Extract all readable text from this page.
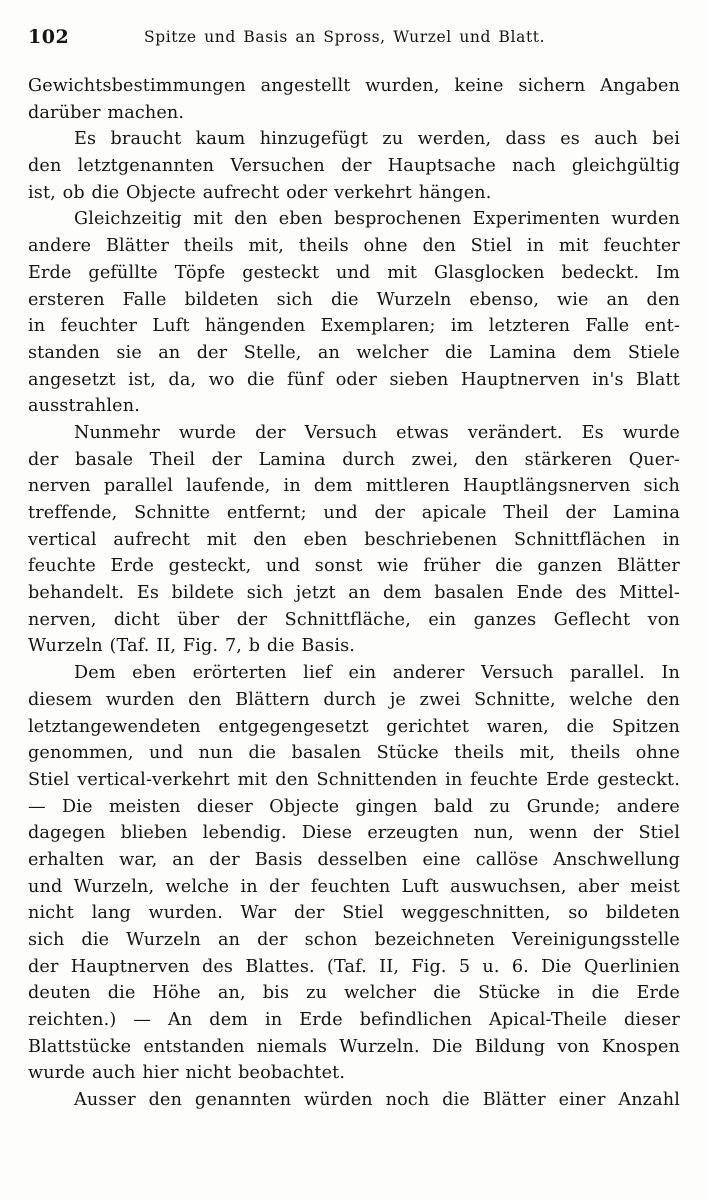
102	Spitze und Basis an Spross, Wurzel und Blatt.
Gewichtsbestimmungen angestellt wurden, keine sichern Angaben
darüber machen.
Es braucht kaum hinzugefügt zu werden, dass es auch bei
den letztgenannten Versuchen der Hauptsache nach gleichgültig
ist, ob die Objecte aufrecht oder verkehrt hängen.
Gleichzeitig mit den eben besprochenen Experimenten wurden
andere Blätter theils mit, theils ohne den Stiel in mit feuchter
Erde gefüllte Töpfe gesteckt und mit Glasglocken bedeckt. Im
ersteren Falle bildeten sich die Wurzeln ebenso, wie an den
in feuchter Luft hängenden Exemplaren; im letzteren Falle ent-
standen sie an der Stelle, an welcher die Lamina dem Stiele
angesetzt ist, da, wo die fünf oder sieben Hauptnerven in's Blatt
ausstrahlen.
Nunmehr wurde der Versuch etwas verändert. Es wurde
der basale Theil der Lamina durch zwei, den stärkeren Quer-
nerven parallel laufende, in dem mittleren Hauptlängsnerven sich
treffende, Schnitte entfernt; und der apicale Theil der Lamina
vertical aufrecht mit den eben beschriebenen Schnittflächen in
feuchte Erde gesteckt, und sonst wie früher die ganzen Blätter
behandelt. Es bildete sich jetzt an dem basalen Ende des Mittel-
nerven, dicht über der Schnittfläche, ein ganzes Geflecht von
Wurzeln (Taf. II, Fig. 7, b die Basis.
Dem eben erörterten lief ein anderer Versuch parallel. In
diesem wurden den Blättern durch je zwei Schnitte, welche den
letztangewendeten entgegengesetzt gerichtet waren, die Spitzen
genommen, und nun die basalen Stücke theils mit, theils ohne
Stiel vertical-verkehrt mit den Schnittenden in feuchte Erde gesteckt.
— Die meisten dieser Objecte gingen bald zu Grunde; andere
dagegen blieben lebendig. Diese erzeugten nun, wenn der Stiel
erhalten war, an der Basis desselben eine callöse Anschwellung
und Wurzeln, welche in der feuchten Luft auswuchsen, aber meist
nicht lang wurden. War der Stiel weggeschnitten, so bildeten
sich die Wurzeln an der schon bezeichneten Vereinigungsstelle
der Hauptnerven des Blattes. (Taf. II, Fig. 5 u. 6. Die Querlinien
deuten die Höhe an, bis zu welcher die Stücke in die Erde
reichten.) — An dem in Erde befindlichen Apical-Theile dieser
Blattstücke entstanden niemals Wurzeln. Die Bildung von Knospen
wurde auch hier nicht beobachtet.
Ausser den genannten würden noch die Blätter einer Anzahl
